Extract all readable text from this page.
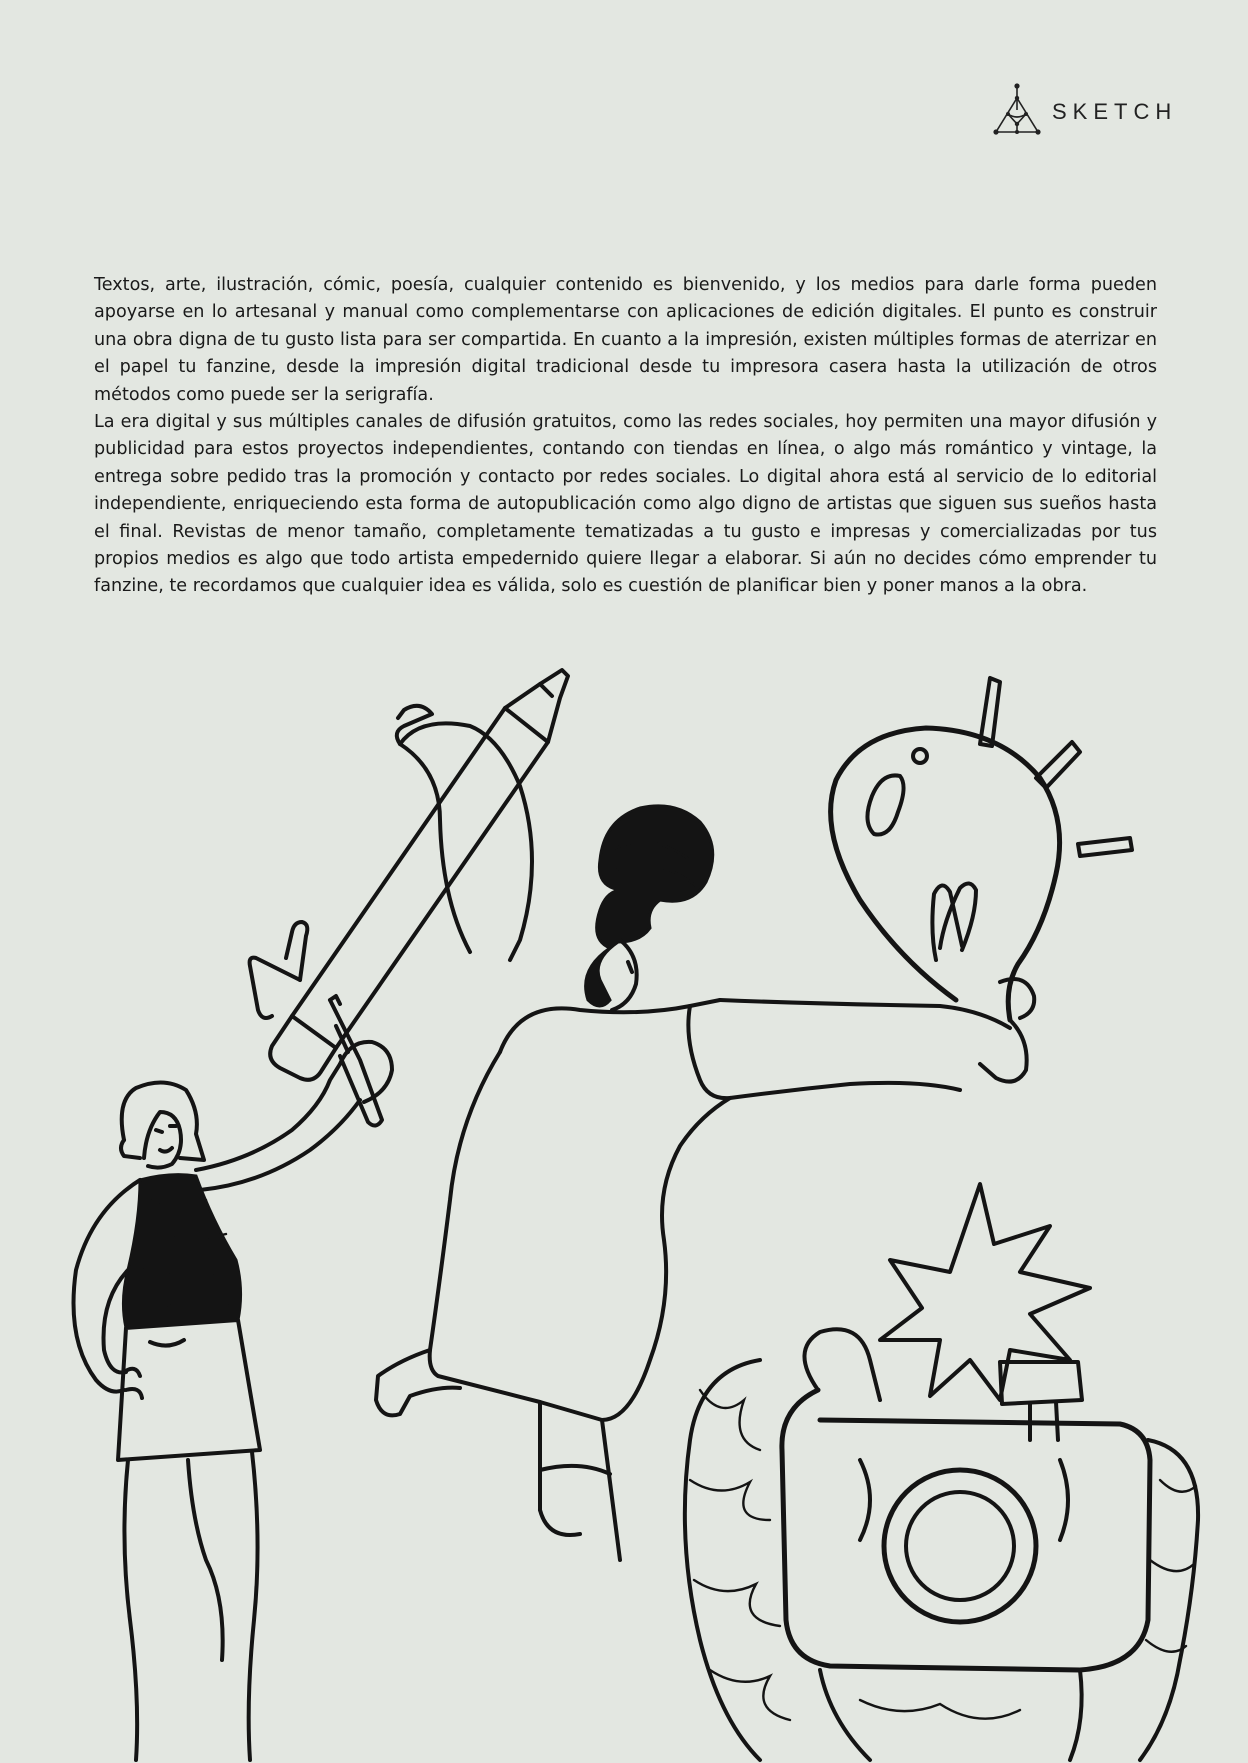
SKETCH

Textos, arte, ilustración, cómic, poesía, cualquier contenido es bienvenido, y los medios para darle forma pueden apoyarse en lo artesanal y manual como complementarse con aplicaciones de edición digitales. El punto es construir una obra digna de tu gusto lista para ser compartida. En cuanto a la impresión, existen múltiples formas de aterrizar en el papel tu fanzine, desde la impresión digital tradicional desde tu impresora casera hasta la utilización de otros métodos como puede ser la serigrafía.

La era digital y sus múltiples canales de difusión gratuitos, como las redes sociales, hoy permiten una mayor difusión y publicidad para estos proyectos independientes, contando con tiendas en línea, o algo más romántico y vintage, la entrega sobre pedido tras la promoción y contacto por redes sociales. Lo digital ahora está al servicio de lo editorial independiente, enriqueciendo esta forma de autopublicación como algo digno de artistas que siguen sus sueños hasta el final. Revistas de menor tamaño, completamente tematizadas a tu gusto e impresas y comercializadas por tus propios medios es algo que todo artista empedernido quiere llegar a elaborar. Si aún no decides cómo emprender tu fanzine, te recordamos que cualquier idea es válida, solo es cuestión de planificar bien y poner manos a la obra.
